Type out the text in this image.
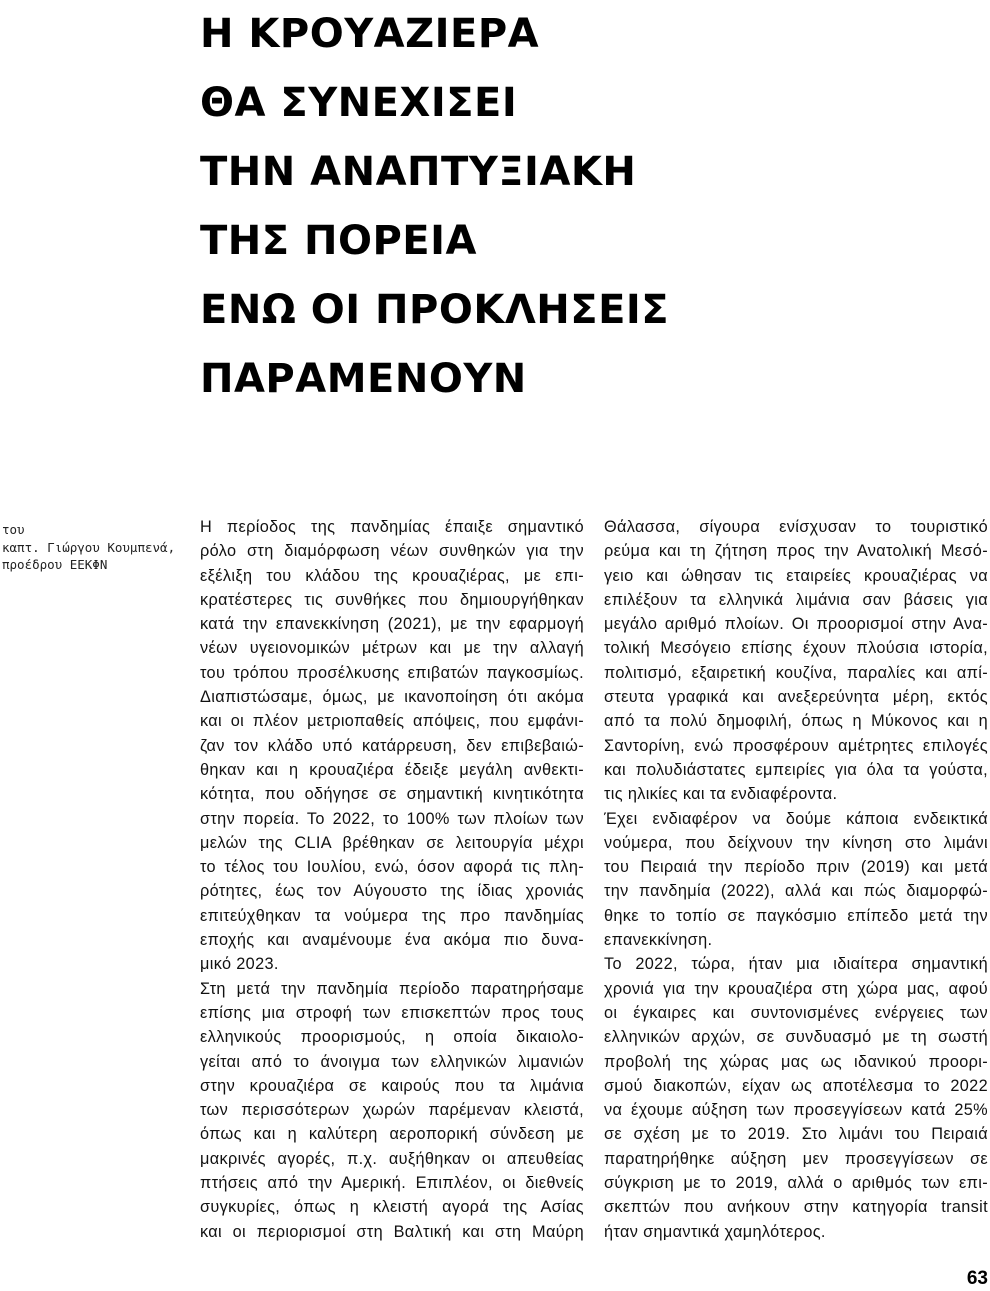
Η ΚΡΟΥΑΖΙΕΡΑ
ΘΑ ΣΥΝΕΧΙΣΕΙ
ΤΗΝ ΑΝΑΠΤΥΞΙΑΚΗ
ΤΗΣ ΠΟΡΕΙΑ
ΕΝΩ ΟΙ ΠΡΟΚΛΗΣΕΙΣ
ΠΑΡΑΜΕΝΟΥΝ
του
καπτ. Γιώργου Κουμπενά,
προέδρου ΕΕΚΦΝ
Η περίοδος της πανδημίας έπαιξε σημαντικό
ρόλο στη διαμόρφωση νέων συνθηκών για την
εξέλιξη του κλάδου της κρουαζιέρας, με επι-
κρατέστερες τις συνθήκες που δημιουργήθηκαν
κατά την επανεκκίνηση (2021), με την εφαρμογή
νέων υγειονομικών μέτρων και με την αλλαγή
του τρόπου προσέλκυσης επιβατών παγκοσμίως.
Διαπιστώσαμε, όμως, με ικανοποίηση ότι ακόμα
και οι πλέον μετριοπαθείς απόψεις, που εμφάνι-
ζαν τον κλάδο υπό κατάρρευση, δεν επιβεβαιώ-
θηκαν και η κρουαζιέρα έδειξε μεγάλη ανθεκτι-
κότητα, που οδήγησε σε σημαντική κινητικότητα
στην πορεία. Το 2022, το 100% των πλοίων των
μελών της CLIA βρέθηκαν σε λειτουργία μέχρι
το τέλος του Ιουλίου, ενώ, όσον αφορά τις πλη-
ρότητες, έως τον Αύγουστο της ίδιας χρονιάς
επιτεύχθηκαν τα νούμερα της προ πανδημίας
εποχής και αναμένουμε ένα ακόμα πιο δυνα-
μικό 2023.
Στη μετά την πανδημία περίοδο παρατηρήσαμε
επίσης μια στροφή των επισκεπτών προς τους
ελληνικούς προορισμούς, η οποία δικαιολο-
γείται από το άνοιγμα των ελληνικών λιμανιών
στην κρουαζιέρα σε καιρούς που τα λιμάνια
των περισσότερων χωρών παρέμεναν κλειστά,
όπως και η καλύτερη αεροπορική σύνδεση με
μακρινές αγορές, π.χ. αυξήθηκαν οι απευθείας
πτήσεις από την Αμερική. Επιπλέον, οι διεθνείς
συγκυρίες, όπως η κλειστή αγορά της Ασίας
και οι περιορισμοί στη Βαλτική και στη Μαύρη
Θάλασσα, σίγουρα ενίσχυσαν το τουριστικό
ρεύμα και τη ζήτηση προς την Ανατολική Μεσό-
γειο και ώθησαν τις εταιρείες κρουαζιέρας να
επιλέξουν τα ελληνικά λιμάνια σαν βάσεις για
μεγάλο αριθμό πλοίων. Οι προορισμοί στην Ανα-
τολική Μεσόγειο επίσης έχουν πλούσια ιστορία,
πολιτισμό, εξαιρετική κουζίνα, παραλίες και απί-
στευτα γραφικά και ανεξερεύνητα μέρη, εκτός
από τα πολύ δημοφιλή, όπως η Μύκονος και η
Σαντορίνη, ενώ προσφέρουν αμέτρητες επιλογές
και πολυδιάστατες εμπειρίες για όλα τα γούστα,
τις ηλικίες και τα ενδιαφέροντα.
Έχει ενδιαφέρον να δούμε κάποια ενδεικτικά
νούμερα, που δείχνουν την κίνηση στο λιμάνι
του Πειραιά την περίοδο πριν (2019) και μετά
την πανδημία (2022), αλλά και πώς διαμορφώ-
θηκε το τοπίο σε παγκόσμιο επίπεδο μετά την
επανεκκίνηση.
Το 2022, τώρα, ήταν μια ιδιαίτερα σημαντική
χρονιά για την κρουαζιέρα στη χώρα μας, αφού
οι έγκαιρες και συντονισμένες ενέργειες των
ελληνικών αρχών, σε συνδυασμό με τη σωστή
προβολή της χώρας μας ως ιδανικού προορι-
σμού διακοπών, είχαν ως αποτέλεσμα το 2022
να έχουμε αύξηση των προσεγγίσεων κατά 25%
σε σχέση με το 2019. Στο λιμάνι του Πειραιά
παρατηρήθηκε αύξηση μεν προσεγγίσεων σε
σύγκριση με το 2019, αλλά ο αριθμός των επι-
σκεπτών που ανήκουν στην κατηγορία transit
ήταν σημαντικά χαμηλότερος.
63
